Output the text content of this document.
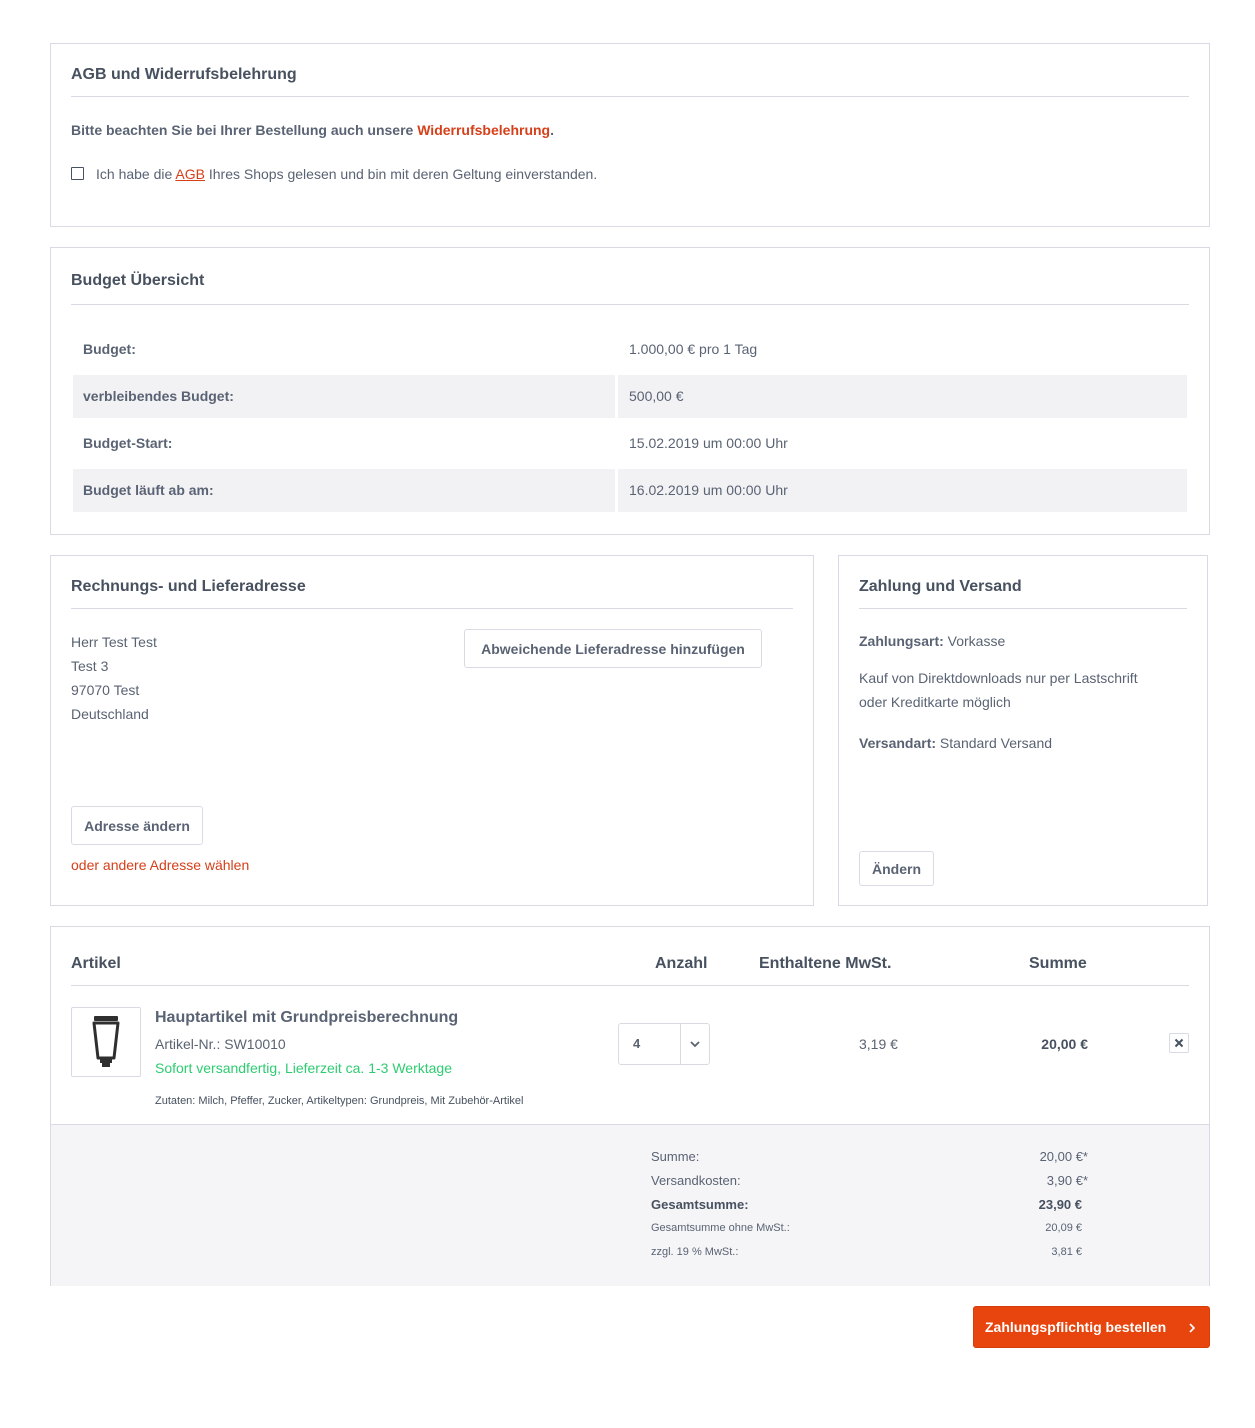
AGB und Widerrufsbelehrung
Bitte beachten Sie bei Ihrer Bestellung auch unsere Widerrufsbelehrung.
Ich habe die AGB Ihres Shops gelesen und bin mit deren Geltung einverstanden.
Budget Übersicht
Budget:	1.000,00 € pro 1 Tag
verbleibendes Budget:	500,00 €
Budget-Start:	15.02.2019 um 00:00 Uhr
Budget läuft ab am:	16.02.2019 um 00:00 Uhr
Rechnungs- und Lieferadresse
Herr Test Test
Test 3
97070 Test
Deutschland
Abweichende Lieferadresse hinzufügen
Adresse ändern
oder andere Adresse wählen
Zahlung und Versand
Zahlungsart: Vorkasse
Kauf von Direktdownloads nur per Lastschrift
oder Kreditkarte möglich
Versandart: Standard Versand
Ändern
Artikel	Anzahl	Enthaltene MwSt.	Summe
Hauptartikel mit Grundpreisberechnung
Artikel-Nr.: SW10010
Sofort versandfertig, Lieferzeit ca. 1-3 Werktage
Zutaten: Milch, Pfeffer, Zucker, Artikeltypen: Grundpreis, Mit Zubehör-Artikel
4	3,19 €	20,00 €
Summe:	20,00 €*
Versandkosten:	3,90 €*
Gesamtsumme:	23,90 €
Gesamtsumme ohne MwSt.:	20,09 €
zzgl. 19 % MwSt.:	3,81 €
Zahlungspflichtig bestellen
